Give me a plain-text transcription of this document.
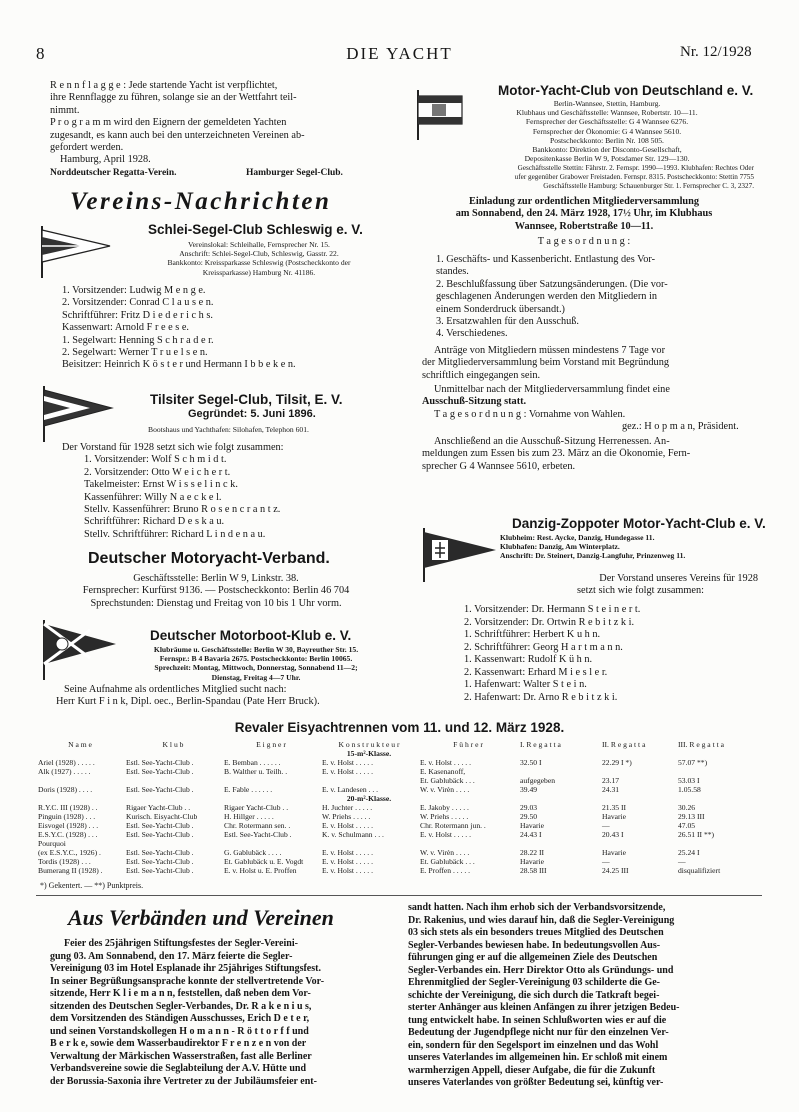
8	DIE YACHT	Nr. 12/1928
R e n n f l a g g e : Jede startende Yacht ist verpflichtet,
ihre Rennflagge zu führen, solange sie an der Wettfahrt teil-
nimmt.
P r o g r a m m wird den Eignern der gemeldeten Yachten
zugesandt, es kann auch bei den unterzeichneten Vereinen ab-
gefordert werden.
Hamburg, April 1928.
Norddeutscher Regatta-Verein.	Hamburger Segel-Club.
Vereins-Nachrichten
Schlei-Segel-Club Schleswig e. V.
Vereinslokal: Schleihalle, Fernsprecher Nr. 15.
Anschrift: Schlei-Segel-Club, Schleswig, Gasstr. 22.
Bankkonto: Kreissparkasse Schleswig (Postscheckkonto der
Kreissparkasse) Hamburg Nr. 41186.
1. Vorsitzender: Ludwig M e n g e.
2. Vorsitzender: Conrad C l a u s e n.
Schriftführer: Fritz D i e d e r i c h s.
Kassenwart: Arnold F r e e s e.
1. Segelwart: Henning S c h r a d e r.
2. Segelwart: Werner T r u e l s e n.
Beisitzer: Heinrich K ö s t e r und Hermann I b b e k e n.
Tilsiter Segel-Club, Tilsit, E. V.
Gegründet: 5. Juni 1896.
Bootshaus und Yachthafen: Silohafen, Telephon 601.
Der Vorstand für 1928 setzt sich wie folgt zusammen:
1. Vorsitzender: Wolf S c h m i d t.
2. Vorsitzender: Otto W e i c h e r t.
Takelmeister: Ernst W i s s e l i n c k.
Kassenführer: Willy N a e c k e l.
Stellv. Kassenführer: Bruno R o s e n c r a n t z.
Schriftführer: Richard D e s k a u.
Stellv. Schriftführer: Richard L i n d e n a u.
Deutscher Motoryacht-Verband.
Geschäftsstelle: Berlin W 9, Linkstr. 38.
Fernsprecher: Kurfürst 9136. — Postscheckkonto: Berlin 46 704
Sprechstunden: Dienstag und Freitag von 10 bis 1 Uhr vorm.
Deutscher Motorboot-Klub e. V.
Klubräume u. Geschäftsstelle: Berlin W 30, Bayreuther Str. 15.
Fernspr.: B 4 Bavaria 2675. Postscheckkonto: Berlin 10065.
Sprechzeit: Montag, Mittwoch, Donnerstag, Sonnabend 11—2;
Dienstag, Freitag 4—7 Uhr.
Seine Aufnahme als ordentliches Mitglied sucht nach:
Herr Kurt F i n k, Dipl. oec., Berlin-Spandau (Pate Herr Bruck).
Motor-Yacht-Club von Deutschland e. V.
Berlin-Wannsee, Stettin, Hamburg.
Klubhaus und Geschäftsstelle: Wannsee, Robertstr. 10—11.
Fernsprecher der Geschäftsstelle: G 4 Wannsee 6276.
Fernsprecher der Ökonomie: G 4 Wannsee 5610.
Postscheckkonto: Berlin Nr. 108 505.
Bankkonto: Direktion der Disconto-Gesellschaft,
Depositenkasse Berlin W 9, Potsdamer Str. 129—130.
Geschäftsstelle Stettin: Fährstr. 2. Fernspr. 1990—1993. Klubhafen: Rechtes Oder
ufer gegenüber Grabower Freistaden. Fernspr. 8315. Postscheckkonto: Stettin 7755
Geschäftsstelle Hamburg: Schauenburger Str. 1. Fernsprecher C. 3, 2327.
Einladung zur ordentlichen Mitgliederversammlung
am Sonnabend, den 24. März 1928, 17½ Uhr, im Klubhaus
Wannsee, Robertstraße 10—11.
T a g e s o r d n u n g :
1. Geschäfts- und Kassenbericht. Entlastung des Vor-
standes.
2. Beschlußfassung über Satzungsänderungen. (Die vor-
geschlagenen Änderungen werden den Mitgliedern in
einem Sonderdruck übersandt.)
3. Ersatzwahlen für den Ausschuß.
4. Verschiedenes.
Anträge von Mitgliedern müssen mindestens 7 Tage vor
der Mitgliederversammlung beim Vorstand mit Begründung
schriftlich eingegangen sein.
Unmittelbar nach der Mitgliederversammlung findet eine
Ausschuß-Sitzung statt.
T a g e s o r d n u n g : Vornahme von Wahlen.
gez.: H o p m a n, Präsident.
Anschließend an die Ausschuß-Sitzung Herrenessen. An-
meldungen zum Essen bis zum 23. März an die Ökonomie, Fern-
sprecher G 4 Wannsee 5610, erbeten.
Danzig-Zoppoter Motor-Yacht-Club e. V.
Klubheim: Rest. Aycke, Danzig, Hundegasse 11.
Klubhafen: Danzig, Am Winterplatz.
Anschrift: Dr. Steinert, Danzig-Langfuhr, Prinzenweg 11.
Der Vorstand unseres Vereins für 1928
setzt sich wie folgt zusammen:
1. Vorsitzender: Dr. Hermann S t e i n e r t.
2. Vorsitzender: Dr. Ortwin R e b i t z k i.
1. Schriftführer: Herbert K u h n.
2. Schriftführer: Georg H a r t m a n n.
1. Kassenwart: Rudolf K ü h n.
2. Kassenwart: Erhard M i e s l e r.
1. Hafenwart: Walter S t e i n.
2. Hafenwart: Dr. Arno R e b i t z k i.
Revaler Eisyachtrennen vom 11. und 12. März 1928.
N a m e	K l u b	E i g n e r	K o n s t r u k t e u r	F ü h r e r	I. R e g a t t a	II. R e g a t t a	III. R e g a t t a
			15-m²-Klasse.				
Ariel (1928) . . . . .	Estl. See-Yacht-Club .	E. Bemban . . . . . .	E. v. Holst . . . . .	E. v. Holst . . . . .	32.50 I	22.29 I *)	57.07 **)
Alk (1927) . . . . .	Estl. See-Yacht-Club .	B. Walther u. Teilh. .	E. v. Holst . . . . .	E. Kasenanoff,			
				Et. Gablubäck . . .	aufgegeben	23.17	53.03 I
Doris (1928) . . . .	Estl. See-Yacht-Club .	E. Fable . . . . . .	E. v. Landesen . . .	W. v. Virèn . . . .	39.49	24.31	1.05.58
			20-m²-Klasse.				
R.Y.C. III (1928) . .	Rigaer Yacht-Club . .	Rigaer Yacht-Club . .	H. Juchter . . . . .	E. Jakoby . . . . .	29.03	21.35 II	30.26
Pinguin (1928) . . .	Kurisch. Eisyacht-Club	H. Hillger . . . . .	W. Priehs . . . . .	W. Priehs . . . . .	29.50	Havarie	29.13 III
Eisvogel (1928) . . .	Estl. See-Yacht-Club .	Chr. Rotermann sen. .	E. v. Holst . . . . .	Chr. Rotermann jun. .	Havarie	—	47.05
E.S.Y.C. (1928) . . .	Estl. See-Yacht-Club .	Estl. See-Yacht-Club .	K. v. Schulmann . . .	E. v. Holst . . . . .	24.43 I	20.43 I	26.51 II **)
Pourquoi							
(ex E.S.Y.C., 1926) .	Estl. See-Yacht-Club .	G. Gablubäck . . . .	E. v. Holst . . . . .	W. v. Virèn . . . .	28.22 II	Havarie	25.24 I
Tordis (1928) . . .	Estl. See-Yacht-Club .	Et. Gablubäck u. E. Vogdt	E. v. Holst . . . . .	Et. Gablubäck . . .	Havarie	—	—
Bumerang II (1928) .	Estl. See-Yacht-Club .	E. v. Holst u. E. Proffen	E. v. Holst . . . . .	E. Proffen . . . . .	28.58 III	24.25 III	disqualifiziert
*) Gekentert. — **) Punktpreis.
Aus Verbänden und Vereinen
Feier des 25jährigen Stiftungsfestes der Segler-Vereini-
gung 03. Am Sonnabend, den 17. März feierte die Segler-
Vereinigung 03 im Hotel Esplanade ihr 25jähriges Stiftungsfest.
In seiner Begrüßungsansprache konnte der stellvertretende Vor-
sitzende, Herr K l i e m a n n, feststellen, daß neben dem Vor-
sitzenden des Deutschen Segler-Verbandes, Dr. R a k e n i u s,
dem Vorsitzenden des Ständigen Ausschusses, Erich D e t e r,
und seinen Vorstandskollegen H o m a n n - R ö t t o r f f und
B e r k e, sowie dem Wasserbaudirektor F r e n z e n von der
Verwaltung der Märkischen Wasserstraßen, fast alle Berliner
Verbandsvereine sowie die Seglabteilung der A.V. Hütte und
der Borussia-Saxonia ihre Vertreter zu der Jubiläumsfeier ent-
sandt hatten. Nach ihm erhob sich der Verbandsvorsitzende,
Dr. Rakenius, und wies darauf hin, daß die Segler-Vereinigung
03 sich stets als ein besonders treues Mitglied des Deutschen
Segler-Verbandes bewiesen habe. In bedeutungsvollen Aus-
führungen ging er auf die allgemeinen Ziele des Deutschen
Segler-Verbandes ein. Herr Direktor Otto als Gründungs- und
Ehrenmitglied der Segler-Vereinigung 03 schilderte die Ge-
schichte der Vereinigung, die sich durch die Tatkraft begei-
sterter Anhänger aus kleinen Anfängen zu ihrer jetzigen Bedeu-
tung entwickelt habe. In seinen Schlußworten wies er auf die
Bedeutung der Jugendpflege nicht nur für den einzelnen Ver-
ein, sondern für den Segelsport im einzelnen und das Wohl
unseres Vaterlandes im allgemeinen hin. Er schloß mit einem
warmherzigen Appell, dieser Aufgabe, die für die Zukunft
unseres Vaterlandes von größter Bedeutung sei, künftig ver-
